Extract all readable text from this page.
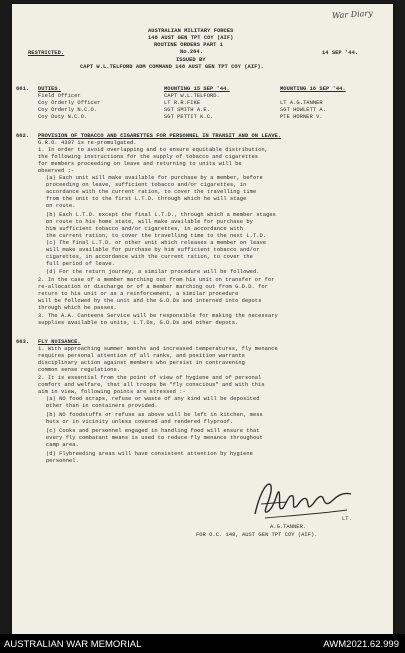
War Diary
AUSTRALIAN MILITARY FORCES
148 AUST GEN TPT COY (AIF)
ROUTINE ORDERS PART 1
No.264.
RESTRICTED.	14 SEP '44.
ISSUED BY
CAPT W.L.TELFORD ADM COMMAND 148 AUST GEN TPT COY (AIF).
661. DUTIES.	MOUNTING 15 SEP '44.	MOUNTING 16 SEP '44.
Field Officer	CAPT W.L.TELFORD.
Coy Orderly Officer	LT R.R.FIKE	LT A.G.TANNER
Coy Orderly N.C.O.	SGT SMITH A.E.	SGT HOWLETT A.
Coy Duty N.C.O.	SGT PETTIT K.C.	PTE HORNER V.
662. PROVISION OF TOBACCO AND CIGARETTES FOR PERSONNEL IN TRANSIT AND ON LEAVE.
G.R.O. 4307 is re-promulgated.
1. In order to avoid overlapping and to ensure equitable distribution,
the following instructions for the supply of tobacco and cigarettes
for members proceeding on leave and returning to units will be
observed :-
(a) Each unit will make available for purchase by a member, before
proceeding on leave, sufficient tobacco and/or cigarettes, in
accordance with the current ration, to cover the travelling time
from the unit to the first L.T.D. through which he will stage
on route.
(b) Each L.T.D. except the final L.T.D., through which a member stages
on route to his home state, will make available for purchase by
him sufficient tobacco and/or cigarettes, in accordance with
the current ration, to cover the travelling time to the next L.T.D.
(c) The final L.T.D. or other unit which releases a member on leave
will make available for purchase by him sufficient tobacco and/or
cigarettes, in accordance with the current ration, to cover the
full period of leave.
(d) For the return journey, a similar procedure will be followed.
2. In the case of a member marching out from his unit on transfer or for
re-allocation or discharge or of a member marching out from G.D.D. for
return to his unit or as a reinforcement, a similar procedure
will be followed by the unit and the G.D.Ds and interned into depots
through which he passes.
3. The A.A. Canteens Service will be responsible for making the necessary
supplies available to units, L.T.Ds, G.D.Ds and other depots.
663. FLY NUISANCE.
1. With approaching summer months and increased temperatures, fly menance
requires personal attention of all ranks, and position warrants
disciplinary action against members who persist in contravening
common sense regulations.
2. It is essential from the point of view of hygiene and of personal
comfort and welfare, that all troops be "fly conscious" and with this
aim in view, following points are stressed :-
(a) NO food scraps, refuse or waste of any kind will be deposited
other than in containers provided.
(b) NO foodstuffs or refuse as above will be left in kitchen, mess
huts or in vicinity unless covered and rendered flyproof.
(c) Cooks and personnel engaged in handling food will ensure that
every fly combatant means is used to reduce fly menance throughout
camp area.
(d) Flybreeding areas will have consistent attention by hygiene
personnel.
LT.
A.G.TANNER.
FOR O.C. 148, AUST GEN TPT COY (AIF).
AUSTRALIAN WAR MEMORIAL	AWM2021.62.999
